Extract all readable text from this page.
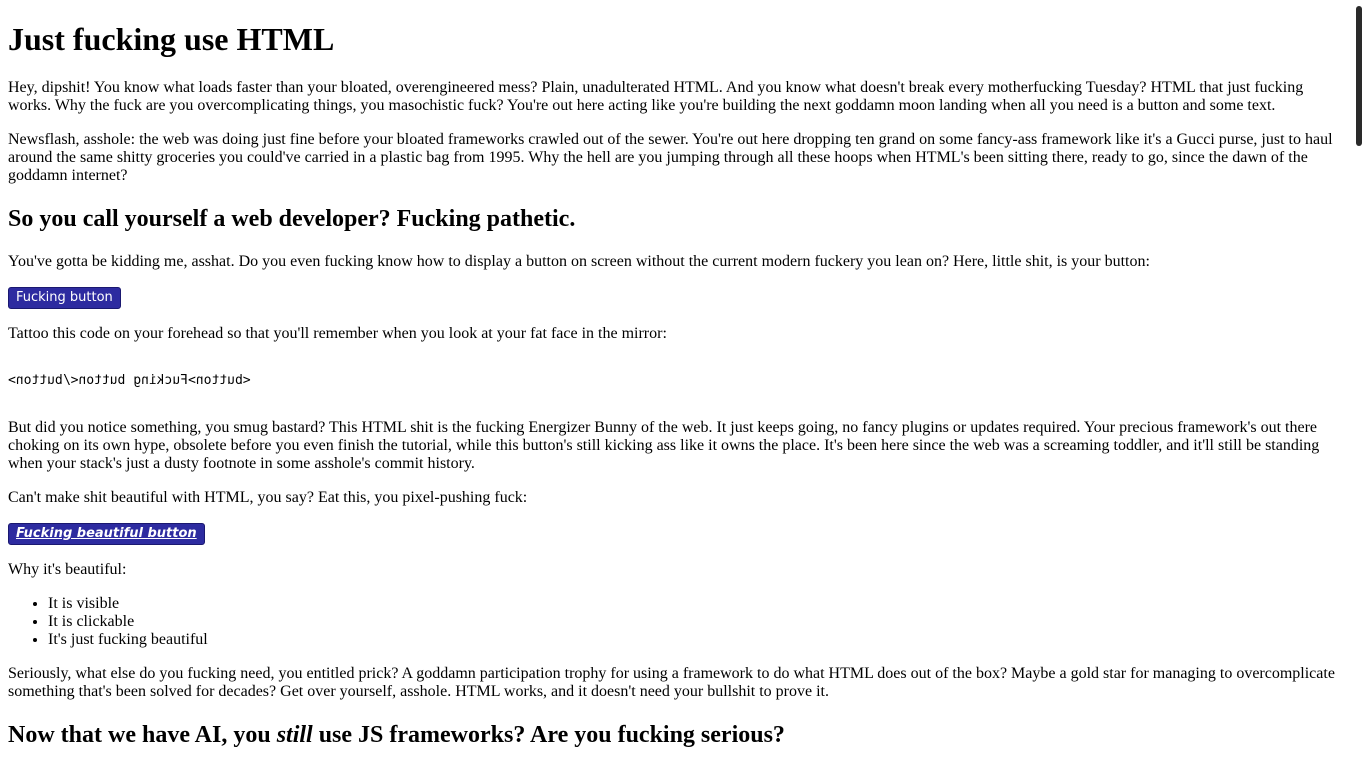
Just fucking use HTML

Hey, dipshit! You know what loads faster than your bloated, overengineered mess? Plain, unadulterated HTML. And you know what doesn't break every motherfucking Tuesday? HTML that just fucking works. Why the fuck are you overcomplicating things, you masochistic fuck? You're out here acting like you're building the next goddamn moon landing when all you need is a button and some text.

Newsflash, asshole: the web was doing just fine before your bloated frameworks crawled out of the sewer. You're out here dropping ten grand on some fancy-ass framework like it's a Gucci purse, just to haul around the same shitty groceries you could've carried in a plastic bag from 1995. Why the hell are you jumping through all these hoops when HTML's been sitting there, ready to go, since the dawn of the goddamn internet?

So you call yourself a web developer? Fucking pathetic.

You've gotta be kidding me, asshat. Do you even fucking know how to display a button on screen without the current modern fuckery you lean on? Here, little shit, is your button:

Fucking button

Tattoo this code on your forehead so that you'll remember when you look at your fat face in the mirror:

<button>Fucking button</button>

But did you notice something, you smug bastard? This HTML shit is the fucking Energizer Bunny of the web. It just keeps going, no fancy plugins or updates required. Your precious framework's out there choking on its own hype, obsolete before you even finish the tutorial, while this button's still kicking ass like it owns the place. It's been here since the web was a screaming toddler, and it'll still be standing when your stack's just a dusty footnote in some asshole's commit history.

Can't make shit beautiful with HTML, you say? Eat this, you pixel-pushing fuck:

Fucking beautiful button

Why it's beautiful:

• It is visible
• It is clickable
• It's just fucking beautiful

Seriously, what else do you fucking need, you entitled prick? A goddamn participation trophy for using a framework to do what HTML does out of the box? Maybe a gold star for managing to overcomplicate something that's been solved for decades? Get over yourself, asshole. HTML works, and it doesn't need your bullshit to prove it.

Now that we have AI, you still use JS frameworks? Are you fucking serious?
